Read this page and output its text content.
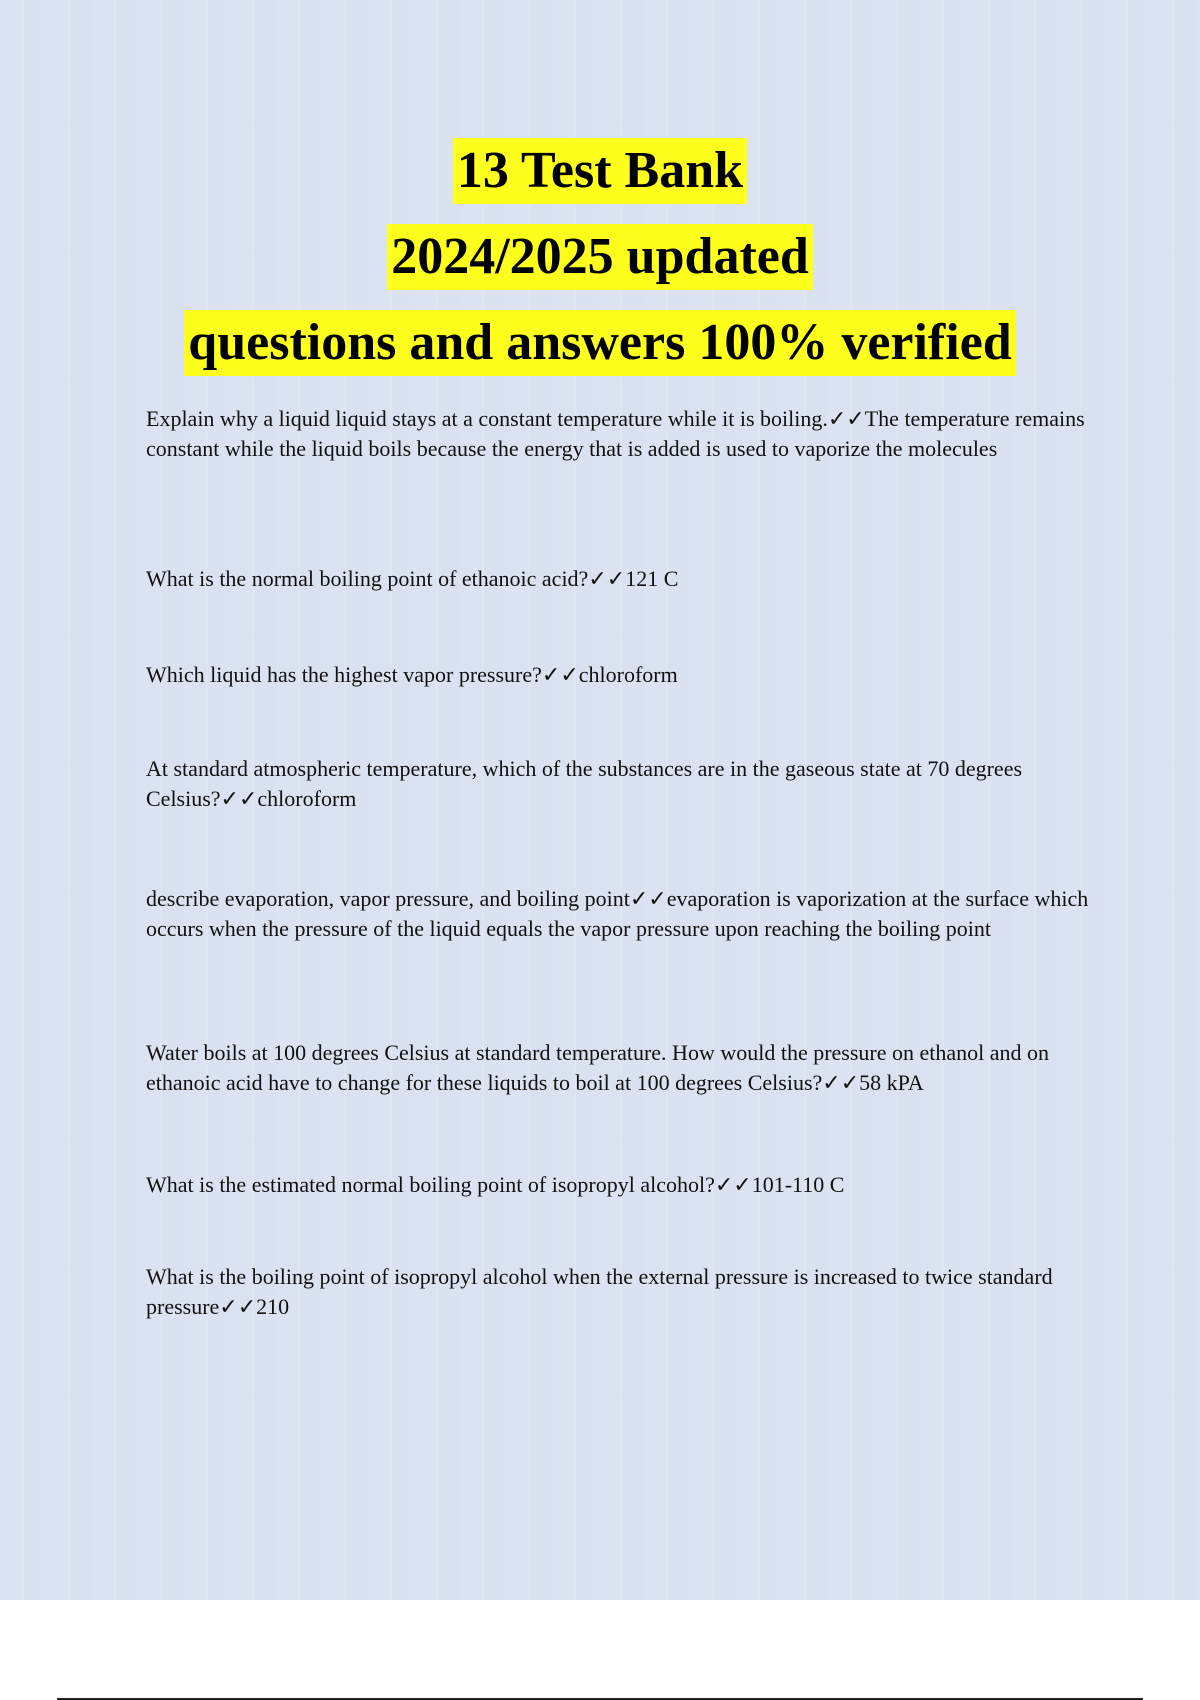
13 Test Bank
2024/2025 updated
questions and answers 100% verified

Explain why a liquid liquid stays at a constant temperature while it is boiling.✓✓The temperature remains constant while the liquid boils because the energy that is added is used to vaporize the molecules

What is the normal boiling point of ethanoic acid?✓✓121 C

Which liquid has the highest vapor pressure?✓✓chloroform

At standard atmospheric temperature, which of the substances are in the gaseous state at 70 degrees Celsius?✓✓chloroform

describe evaporation, vapor pressure, and boiling point✓✓evaporation is vaporization at the surface which occurs when the pressure of the liquid equals the vapor pressure upon reaching the boiling point

Water boils at 100 degrees Celsius at standard temperature. How would the pressure on ethanol and on ethanoic acid have to change for these liquids to boil at 100 degrees Celsius?✓✓58 kPA

What is the estimated normal boiling point of isopropyl alcohol?✓✓101-110 C

What is the boiling point of isopropyl alcohol when the external pressure is increased to twice standard pressure✓✓210
